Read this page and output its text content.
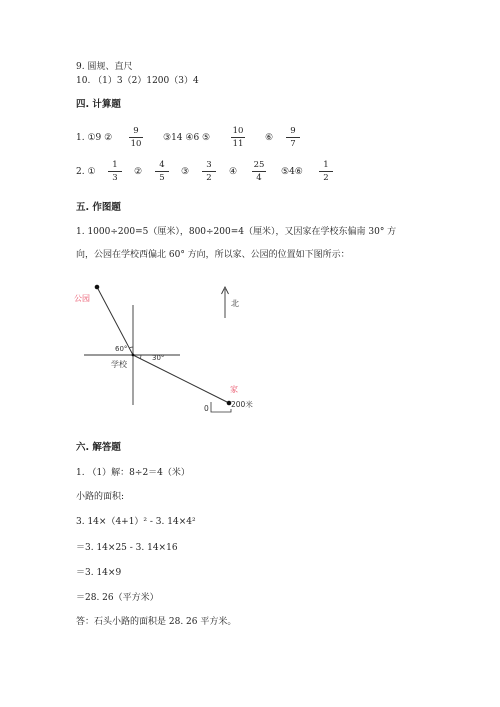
9. 圆规、直尺
10. （1）3（2）1200（3）4
四. 计算题
1. ①9 ②
9
10
③14 ④6 ⑤
10
11
⑥
9
7
2. ①
1
3
②
4
5
③
3
2
④
25
4
⑤4⑥
1
2
五. 作图题
1. 1000÷200=5（厘米），800÷200=4（厘米），又因家在学校东偏南 30° 方
向，公园在学校西偏北 60° 方向，所以家、公园的位置如下图所示：
公园
家
学校
北
60°
30°
0	200米
六. 解答题
1. （1）解：8÷2＝4（米）
小路的面积:
3. 14×（4+1）² - 3. 14×4²
＝3. 14×25 - 3. 14×16
＝3. 14×9
＝28. 26（平方米）
答：石头小路的面积是 28. 26 平方米。
